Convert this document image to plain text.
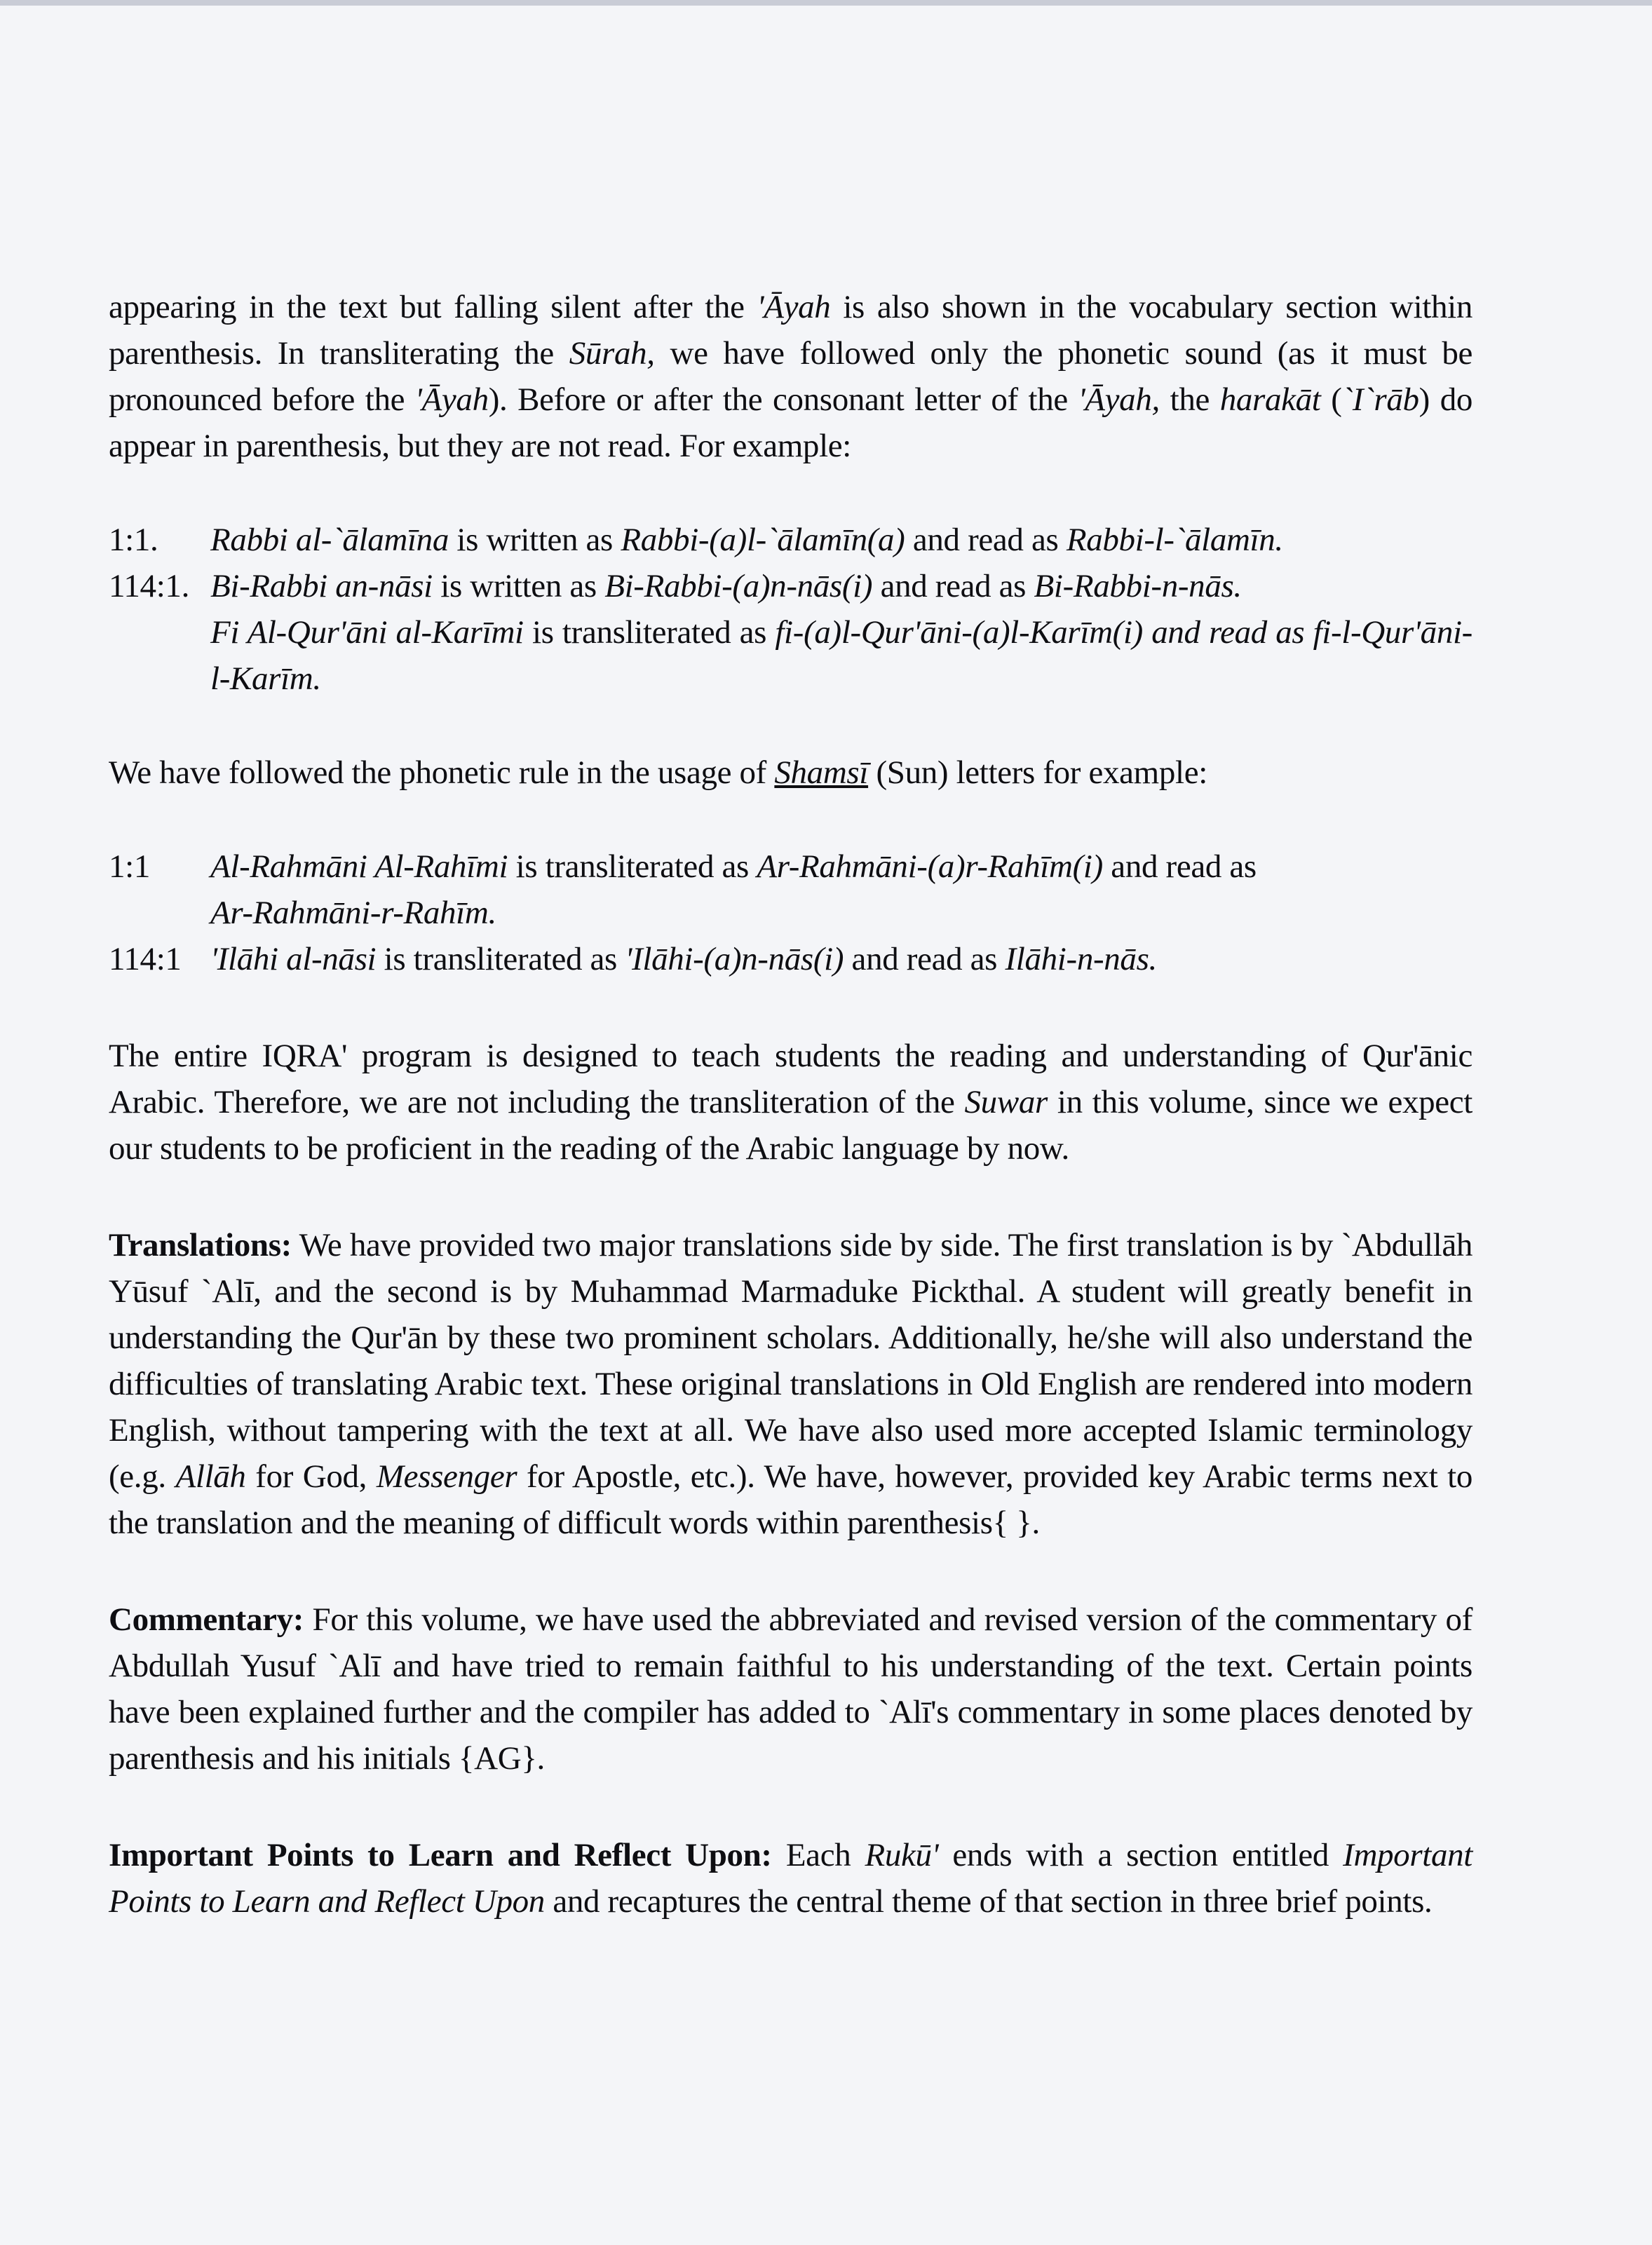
appearing in the text but falling silent after the 'Āyah is also shown in the vocabulary section within parenthesis. In transliterating the Sūrah, we have followed only the phonetic sound (as it must be pronounced before the 'Āyah). Before or after the consonant letter of the 'Āyah, the harakāt (`I`rāb) do appear in parenthesis, but they are not read. For example:

1:1.	Rabbi al-`ālamīna is written as Rabbi-(a)l-`ālamīn(a) and read as Rabbi-l-`ālamīn.
114:1. Bi-Rabbi an-nāsi is written as Bi-Rabbi-(a)n-nās(i) and read as Bi-Rabbi-n-nās.

Fi Al-Qur'āni al-Karīmi is transliterated as fi-(a)l-Qur'āni-(a)l-Karīm(i) and read as fi-l-Qur'āni-l-Karīm.

We have followed the phonetic rule in the usage of Shamsī (Sun) letters for example:

1:1	Al-Rahmāni Al-Rahīmi is transliterated as Ar-Rahmāni-(a)r-Rahīm(i) and read as
Ar-Rahmāni-r-Rahīm.
114:1 'Ilāhi al-nāsi is transliterated as 'Ilāhi-(a)n-nās(i) and read as Ilāhi-n-nās.

The entire IQRA' program is designed to teach students the reading and understanding of Qur'ānic Arabic. Therefore, we are not including the transliteration of the Suwar in this volume, since we expect our students to be proficient in the reading of the Arabic language by now.

Translations: We have provided two major translations side by side. The first translation is by `Abdullāh Yūsuf `Alī, and the second is by Muhammad Marmaduke Pickthal. A student will greatly benefit in understanding the Qur'ān by these two prominent scholars. Additionally, he/she will also understand the difficulties of translating Arabic text. These original translations in Old English are rendered into modern English, without tampering with the text at all. We have also used more accepted Islamic terminology (e.g. Allāh for God, Messenger for Apostle, etc.). We have, however, provided key Arabic terms next to the translation and the meaning of difficult words within parenthesis{ }.

Commentary: For this volume, we have used the abbreviated and revised version of the commentary of Abdullah Yusuf `Alī and have tried to remain faithful to his understanding of the text. Certain points have been explained further and the compiler has added to `Alī's commentary in some places denoted by parenthesis and his initials {AG}.

Important Points to Learn and Reflect Upon: Each Rukū' ends with a section entitled Important Points to Learn and Reflect Upon and recaptures the central theme of that section in three brief points.
